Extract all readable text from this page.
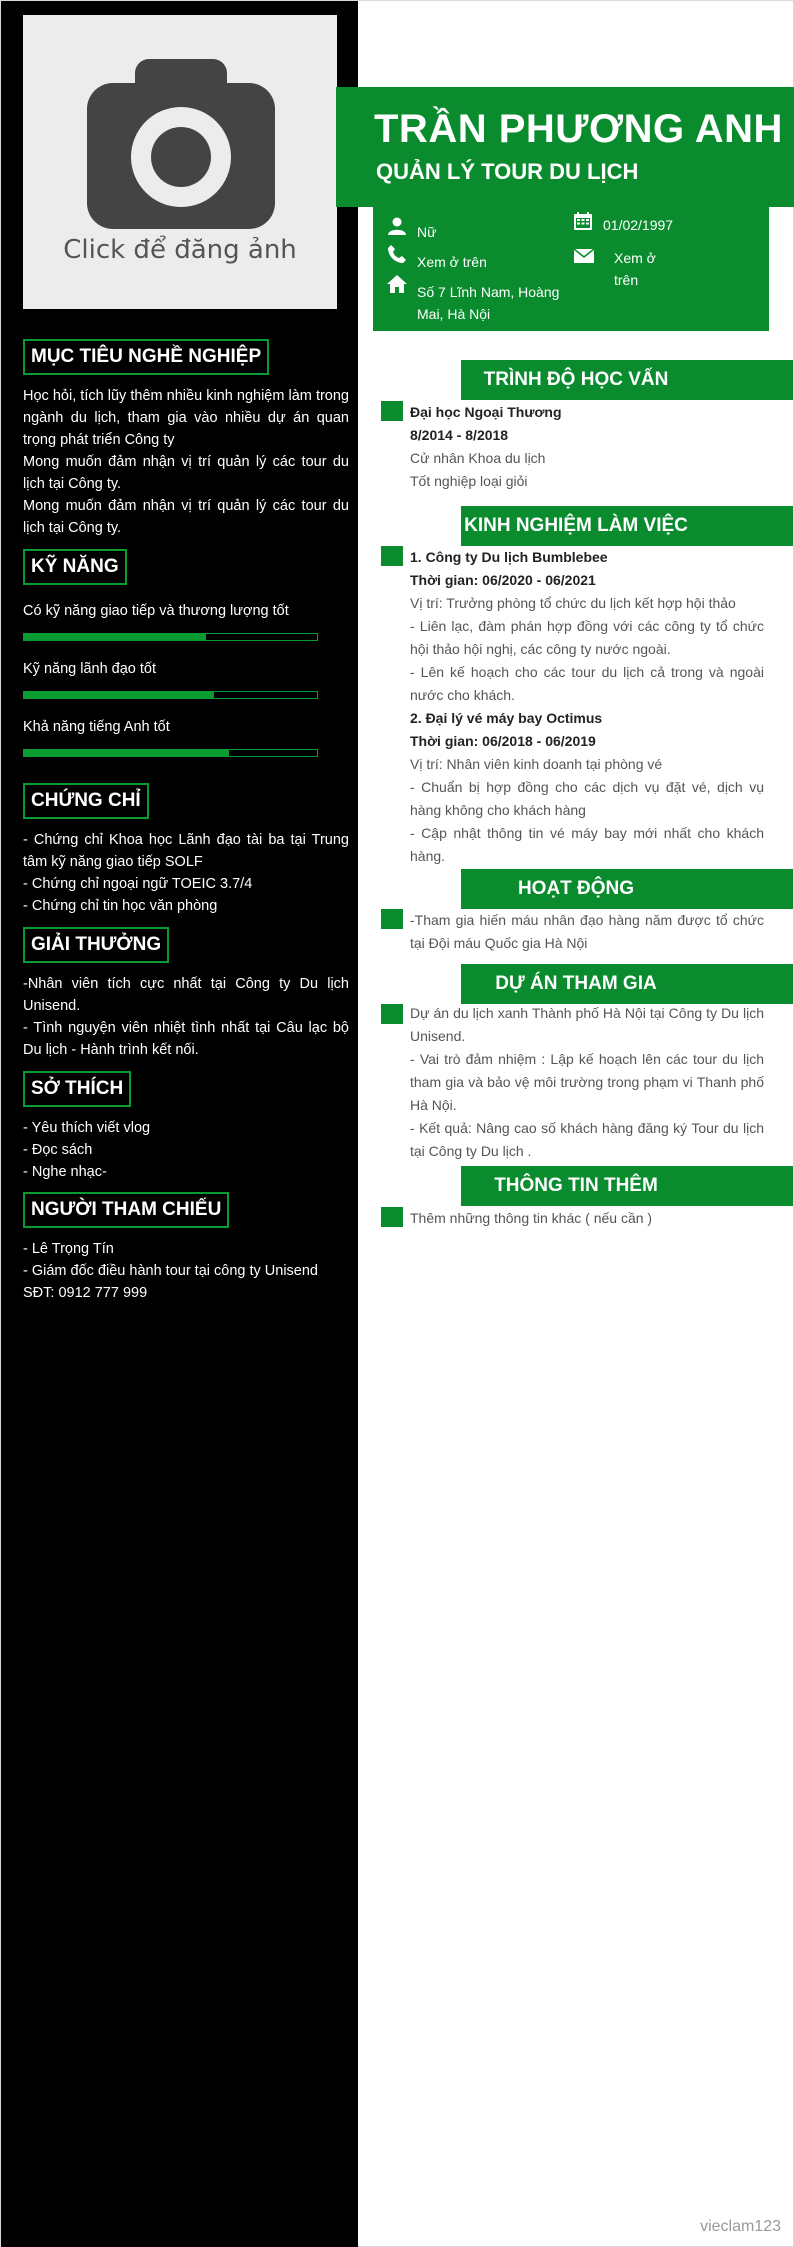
Click để đăng ảnh
MỤC TIÊU NGHỀ NGHIỆP

Học hỏi, tích lũy thêm nhiều kinh nghiệm làm trong ngành du lịch, tham gia vào nhiều dự án quan trọng phát triển Công ty

Mong muốn đảm nhận vị trí quản lý các tour du lịch tại Công ty.

Mong muốn đảm nhận vị trí quản lý các tour du lịch tại Công ty.

KỸ NĂNG
Có kỹ năng giao tiếp và thương lượng tốt
Kỹ năng lãnh đạo tốt
Khả năng tiếng Anh tốt
CHỨNG CHỈ

- Chứng chỉ Khoa học Lãnh đạo tài ba tại Trung tâm kỹ năng giao tiếp SOLF

- Chứng chỉ ngoại ngữ TOEIC 3.7/4

- Chứng chỉ tin học văn phòng

GIẢI THƯỞNG

-Nhân viên tích cực nhất tại Công ty Du lịch Unisend.

- Tình nguyện viên nhiệt tình nhất tại Câu lạc bộ Du lịch - Hành trình kết nối.

SỞ THÍCH

- Yêu thích viết vlog

- Đọc sách

- Nghe nhạc-

NGƯỜI THAM CHIẾU

- Lê Trọng Tín

- Giám đốc điều hành tour tại công ty Unisend

SĐT: 0912 777 999

TRẦN PHƯƠNG ANH
QUẢN LÝ TOUR DU LỊCH
Nữ	01/02/1997
Xem ở trên	Xem ở
trên
Số 7 Lĩnh Nam, Hoàng
Mai, Hà Nội
TRÌNH ĐỘ HỌC VẤN

Đại học Ngoại Thương

8/2014 - 8/2018

Cử nhân Khoa du lịch

Tốt nghiệp loại giỏi

KINH NGHIỆM LÀM VIỆC

1. Công ty Du lịch Bumblebee

Thời gian: 06/2020 - 06/2021

Vị trí: Trưởng phòng tổ chức du lịch kết hợp hội thảo

- Liên lạc, đàm phán hợp đồng với các công ty tổ chức hội thảo hội nghị, các công ty nước ngoài.

- Lên kế hoạch cho các tour du lịch cả trong và ngoài nước cho khách.

2. Đại lý vé máy bay Octimus

Thời gian: 06/2018 - 06/2019

Vị trí: Nhân viên kinh doanh tại phòng vé

- Chuẩn bị hợp đồng cho các dịch vụ đặt vé, dịch vụ hàng không cho khách hàng

- Cập nhật thông tin vé máy bay mới nhất cho khách hàng.

HOẠT ĐỘNG

-Tham gia hiến máu nhân đạo hàng năm được tổ chức tại Đội máu Quốc gia Hà Nội

DỰ ÁN THAM GIA

Dự án du lịch xanh Thành phố Hà Nội tại Công ty Du lịch Unisend.

- Vai trò đảm nhiệm : Lập kế hoạch lên các tour du lịch tham gia và bảo vệ môi trường trong phạm vi Thanh phố Hà Nội.

- Kết quả: Nâng cao số khách hàng đăng ký Tour du lịch tại Công ty Du lịch .

THÔNG TIN THÊM

Thêm những thông tin khác ( nếu cần )

vieclam123
